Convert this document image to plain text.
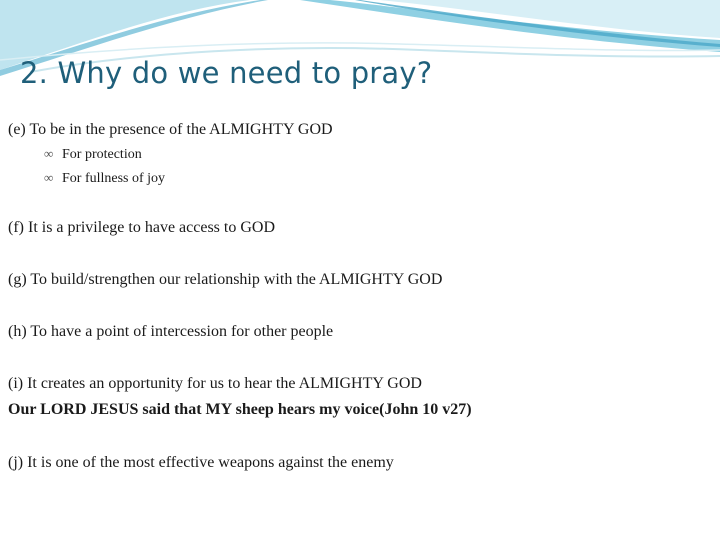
2. Why do we need to pray?
(e) To be in the presence of the ALMIGHTY GOD
∞ For protection
∞ For fullness of joy
(f) It is a privilege to have access to GOD
(g) To build/strengthen our relationship with the ALMIGHTY GOD
(h) To have a point of intercession for other people
(i) It creates an opportunity for us to hear the ALMIGHTY GOD
Our LORD JESUS said that MY sheep hears my voice(John 10 v27)
(j) It is one of the most effective weapons against the enemy
